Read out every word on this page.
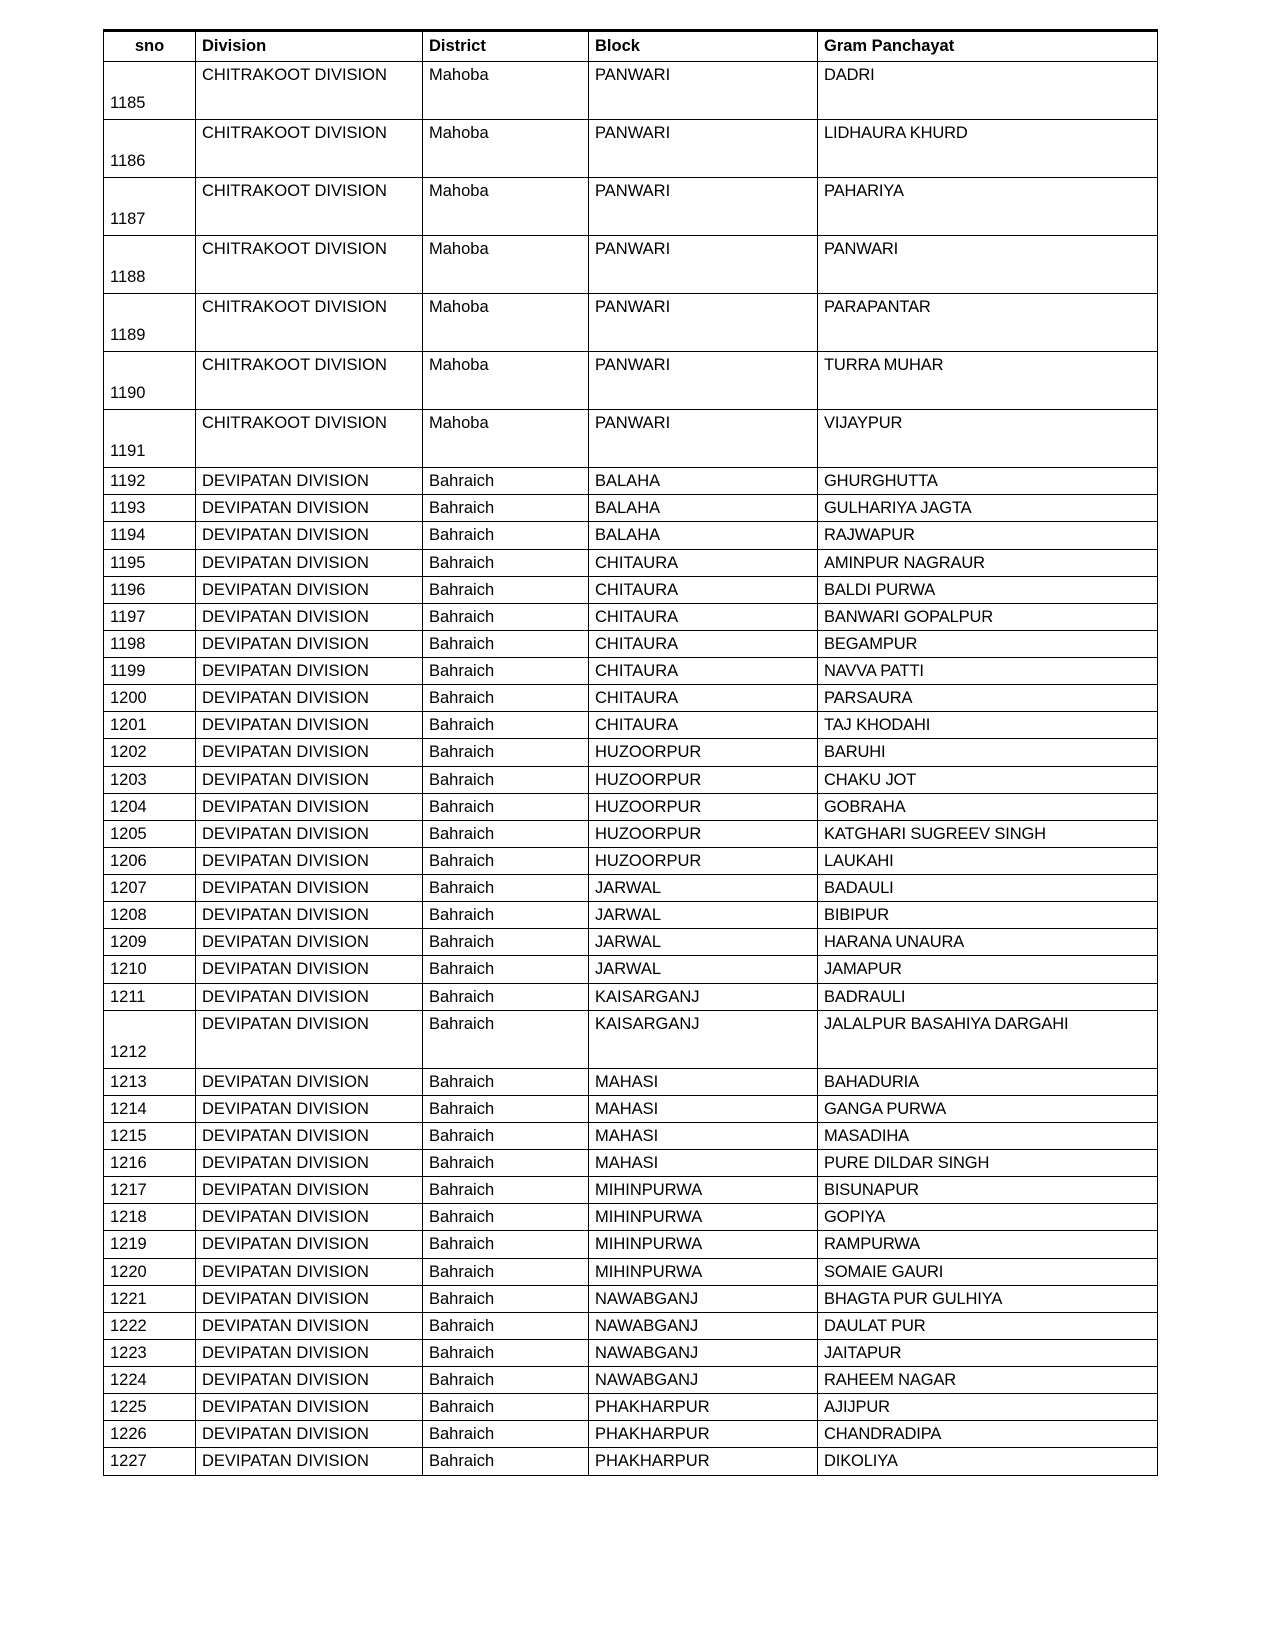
sno	Division	District	Block	Gram Panchayat
1185	CHITRAKOOT DIVISION	Mahoba	PANWARI	DADRI
1186	CHITRAKOOT DIVISION	Mahoba	PANWARI	LIDHAURA KHURD
1187	CHITRAKOOT DIVISION	Mahoba	PANWARI	PAHARIYA
1188	CHITRAKOOT DIVISION	Mahoba	PANWARI	PANWARI
1189	CHITRAKOOT DIVISION	Mahoba	PANWARI	PARAPANTAR
1190	CHITRAKOOT DIVISION	Mahoba	PANWARI	TURRA MUHAR
1191	CHITRAKOOT DIVISION	Mahoba	PANWARI	VIJAYPUR
1192	DEVIPATAN DIVISION	Bahraich	BALAHA	GHURGHUTTA
1193	DEVIPATAN DIVISION	Bahraich	BALAHA	GULHARIYA JAGTA
1194	DEVIPATAN DIVISION	Bahraich	BALAHA	RAJWAPUR
1195	DEVIPATAN DIVISION	Bahraich	CHITAURA	AMINPUR NAGRAUR
1196	DEVIPATAN DIVISION	Bahraich	CHITAURA	BALDI PURWA
1197	DEVIPATAN DIVISION	Bahraich	CHITAURA	BANWARI GOPALPUR
1198	DEVIPATAN DIVISION	Bahraich	CHITAURA	BEGAMPUR
1199	DEVIPATAN DIVISION	Bahraich	CHITAURA	NAVVA PATTI
1200	DEVIPATAN DIVISION	Bahraich	CHITAURA	PARSAURA
1201	DEVIPATAN DIVISION	Bahraich	CHITAURA	TAJ KHODAHI
1202	DEVIPATAN DIVISION	Bahraich	HUZOORPUR	BARUHI
1203	DEVIPATAN DIVISION	Bahraich	HUZOORPUR	CHAKU JOT
1204	DEVIPATAN DIVISION	Bahraich	HUZOORPUR	GOBRAHA
1205	DEVIPATAN DIVISION	Bahraich	HUZOORPUR	KATGHARI SUGREEV SINGH
1206	DEVIPATAN DIVISION	Bahraich	HUZOORPUR	LAUKAHI
1207	DEVIPATAN DIVISION	Bahraich	JARWAL	BADAULI
1208	DEVIPATAN DIVISION	Bahraich	JARWAL	BIBIPUR
1209	DEVIPATAN DIVISION	Bahraich	JARWAL	HARANA UNAURA
1210	DEVIPATAN DIVISION	Bahraich	JARWAL	JAMAPUR
1211	DEVIPATAN DIVISION	Bahraich	KAISARGANJ	BADRAULI
1212	DEVIPATAN DIVISION	Bahraich	KAISARGANJ	JALALPUR BASAHIYA DARGAHI
1213	DEVIPATAN DIVISION	Bahraich	MAHASI	BAHADURIA
1214	DEVIPATAN DIVISION	Bahraich	MAHASI	GANGA PURWA
1215	DEVIPATAN DIVISION	Bahraich	MAHASI	MASADIHA
1216	DEVIPATAN DIVISION	Bahraich	MAHASI	PURE DILDAR SINGH
1217	DEVIPATAN DIVISION	Bahraich	MIHINPURWA	BISUNAPUR
1218	DEVIPATAN DIVISION	Bahraich	MIHINPURWA	GOPIYA
1219	DEVIPATAN DIVISION	Bahraich	MIHINPURWA	RAMPURWA
1220	DEVIPATAN DIVISION	Bahraich	MIHINPURWA	SOMAIE GAURI
1221	DEVIPATAN DIVISION	Bahraich	NAWABGANJ	BHAGTA PUR GULHIYA
1222	DEVIPATAN DIVISION	Bahraich	NAWABGANJ	DAULAT PUR
1223	DEVIPATAN DIVISION	Bahraich	NAWABGANJ	JAITAPUR
1224	DEVIPATAN DIVISION	Bahraich	NAWABGANJ	RAHEEM NAGAR
1225	DEVIPATAN DIVISION	Bahraich	PHAKHARPUR	AJIJPUR
1226	DEVIPATAN DIVISION	Bahraich	PHAKHARPUR	CHANDRADIPA
1227	DEVIPATAN DIVISION	Bahraich	PHAKHARPUR	DIKOLIYA
